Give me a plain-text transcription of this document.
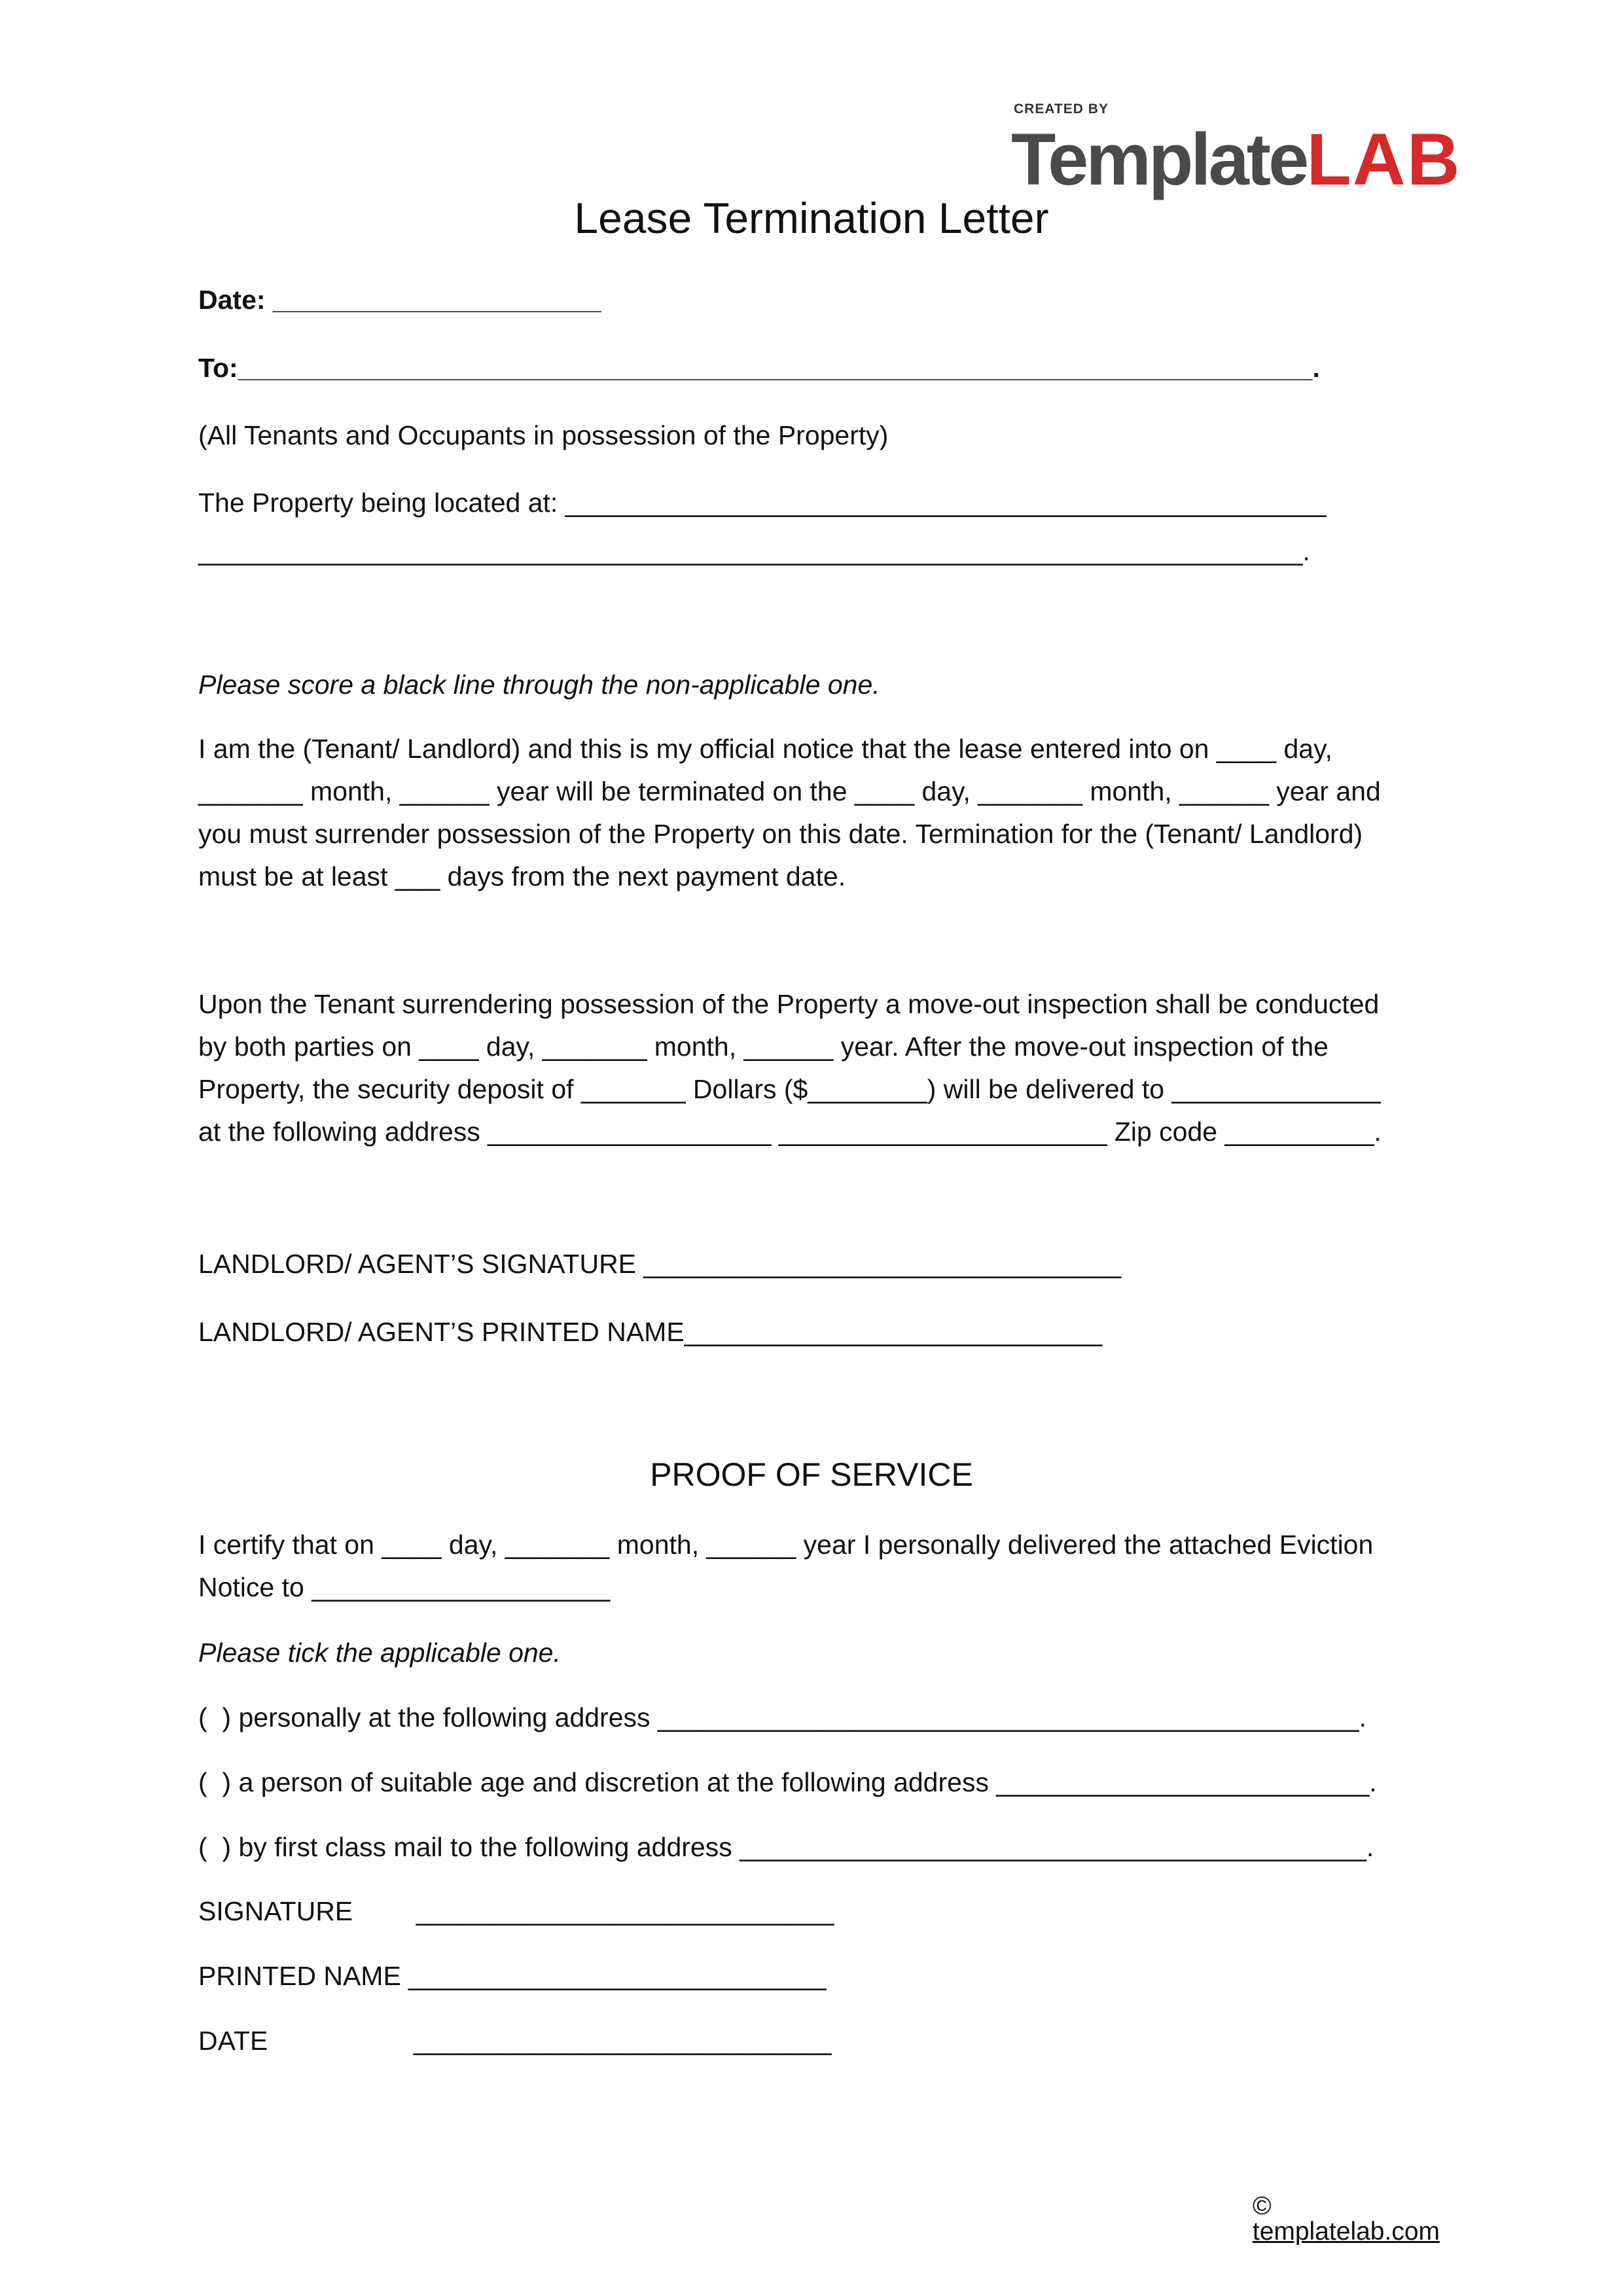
CREATED BY
TemplateLAB
Lease Termination Letter
Date: ______________________
To:________________________________________________________________________.
(All Tenants and Occupants in possession of the Property)
The Property being located at: ___________________________________________________
__________________________________________________________________________.
Please score a black line through the non-applicable one.
I am the (Tenant/ Landlord) and this is my official notice that the lease entered into on ____ day,
_______ month, ______ year will be terminated on the ____ day, _______ month, ______ year and
you must surrender possession of the Property on this date. Termination for the (Tenant/ Landlord)
must be at least ___ days from the next payment date.
Upon the Tenant surrendering possession of the Property a move-out inspection shall be conducted
by both parties on ____ day, _______ month, ______ year. After the move-out inspection of the
Property, the security deposit of _______ Dollars ($________) will be delivered to ______________
at the following address ___________________ ______________________ Zip code __________.
LANDLORD/ AGENT’S SIGNATURE ________________________________
LANDLORD/ AGENT’S PRINTED NAME____________________________
PROOF OF SERVICE
I certify that on ____ day, _______ month, ______ year I personally delivered the attached Eviction
Notice to ____________________
Please tick the applicable one.
(  ) personally at the following address _______________________________________________.
(  ) a person of suitable age and discretion at the following address _________________________.
(  ) by first class mail to the following address __________________________________________.
SIGNATURE ____________________________
PRINTED NAME ____________________________
DATE	____________________________

©
templatelab.com
